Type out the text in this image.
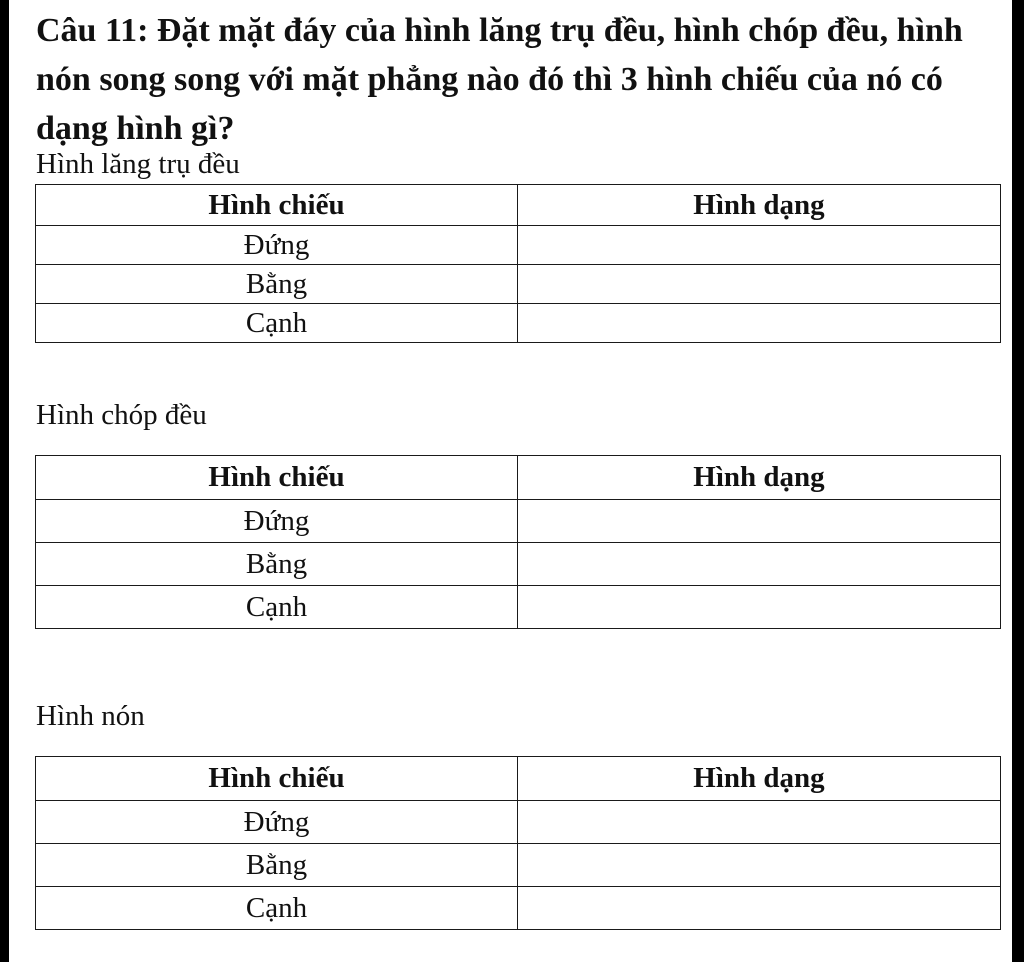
Câu 11: Đặt mặt đáy của hình lăng trụ đều, hình chóp đều, hình nón song song với mặt phẳng nào đó thì 3 hình chiếu của nó có dạng hình gì?

Hình lăng trụ đều

Hình chiếu	Hình dạng
Đứng	
Bằng	
Cạnh	

Hình chóp đều

Hình chiếu	Hình dạng
Đứng	
Bằng	
Cạnh	

Hình nón

Hình chiếu	Hình dạng
Đứng	
Bằng	
Cạnh	
